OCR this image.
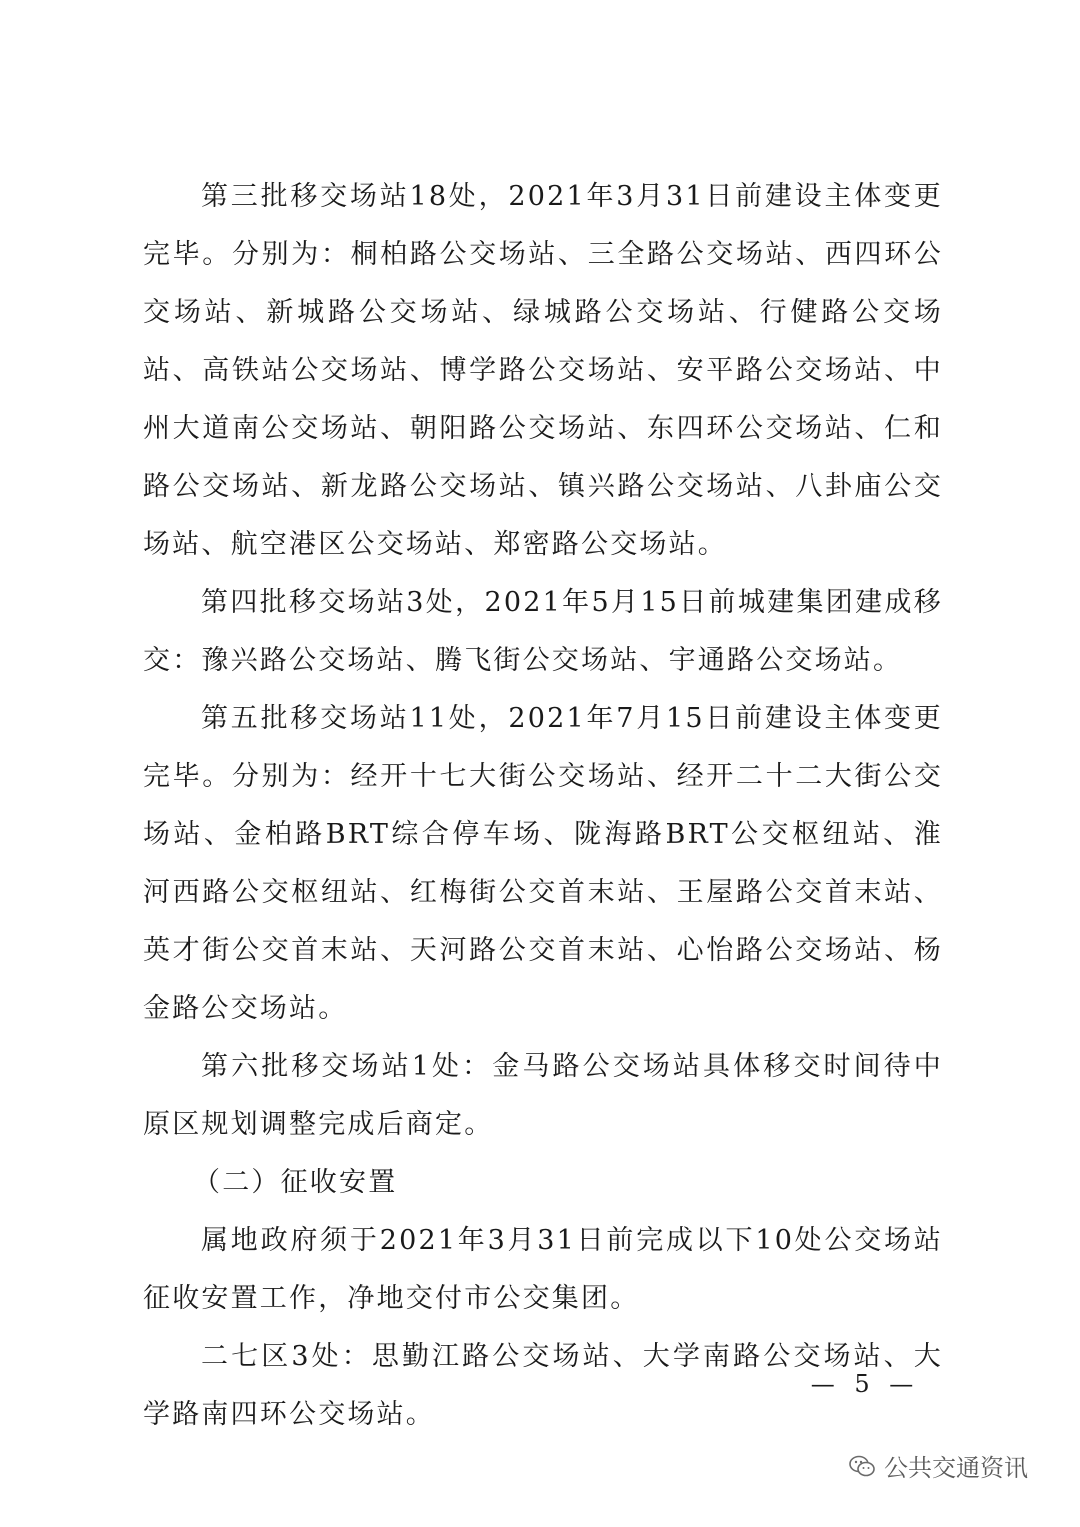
第三批移交场站18处，2021年3月31日前建设主体变更完毕。分别为：桐柏路公交场站、三全路公交场站、西四环公交场站、新城路公交场站、绿城路公交场站、行健路公交场站、高铁站公交场站、博学路公交场站、安平路公交场站、中州大道南公交场站、朝阳路公交场站、东四环公交场站、仁和路公交场站、新龙路公交场站、镇兴路公交场站、八卦庙公交场站、航空港区公交场站、郑密路公交场站。

第四批移交场站3处，2021年5月15日前城建集团建成移交：豫兴路公交场站、腾飞街公交场站、宇通路公交场站。

第五批移交场站11处，2021年7月15日前建设主体变更完毕。分别为：经开十七大街公交场站、经开二十二大街公交场站、金柏路BRT综合停车场、陇海路BRT公交枢纽站、淮河西路公交枢纽站、红梅街公交首末站、王屋路公交首末站、英才街公交首末站、天河路公交首末站、心怡路公交场站、杨金路公交场站。

第六批移交场站1处：金马路公交场站具体移交时间待中原区规划调整完成后商定。

（二）征收安置

属地政府须于2021年3月31日前完成以下10处公交场站征收安置工作，净地交付市公交集团。

二七区3处：思勤江路公交场站、大学南路公交场站、大学路南四环公交场站。

— 5 —
公共交通资讯
